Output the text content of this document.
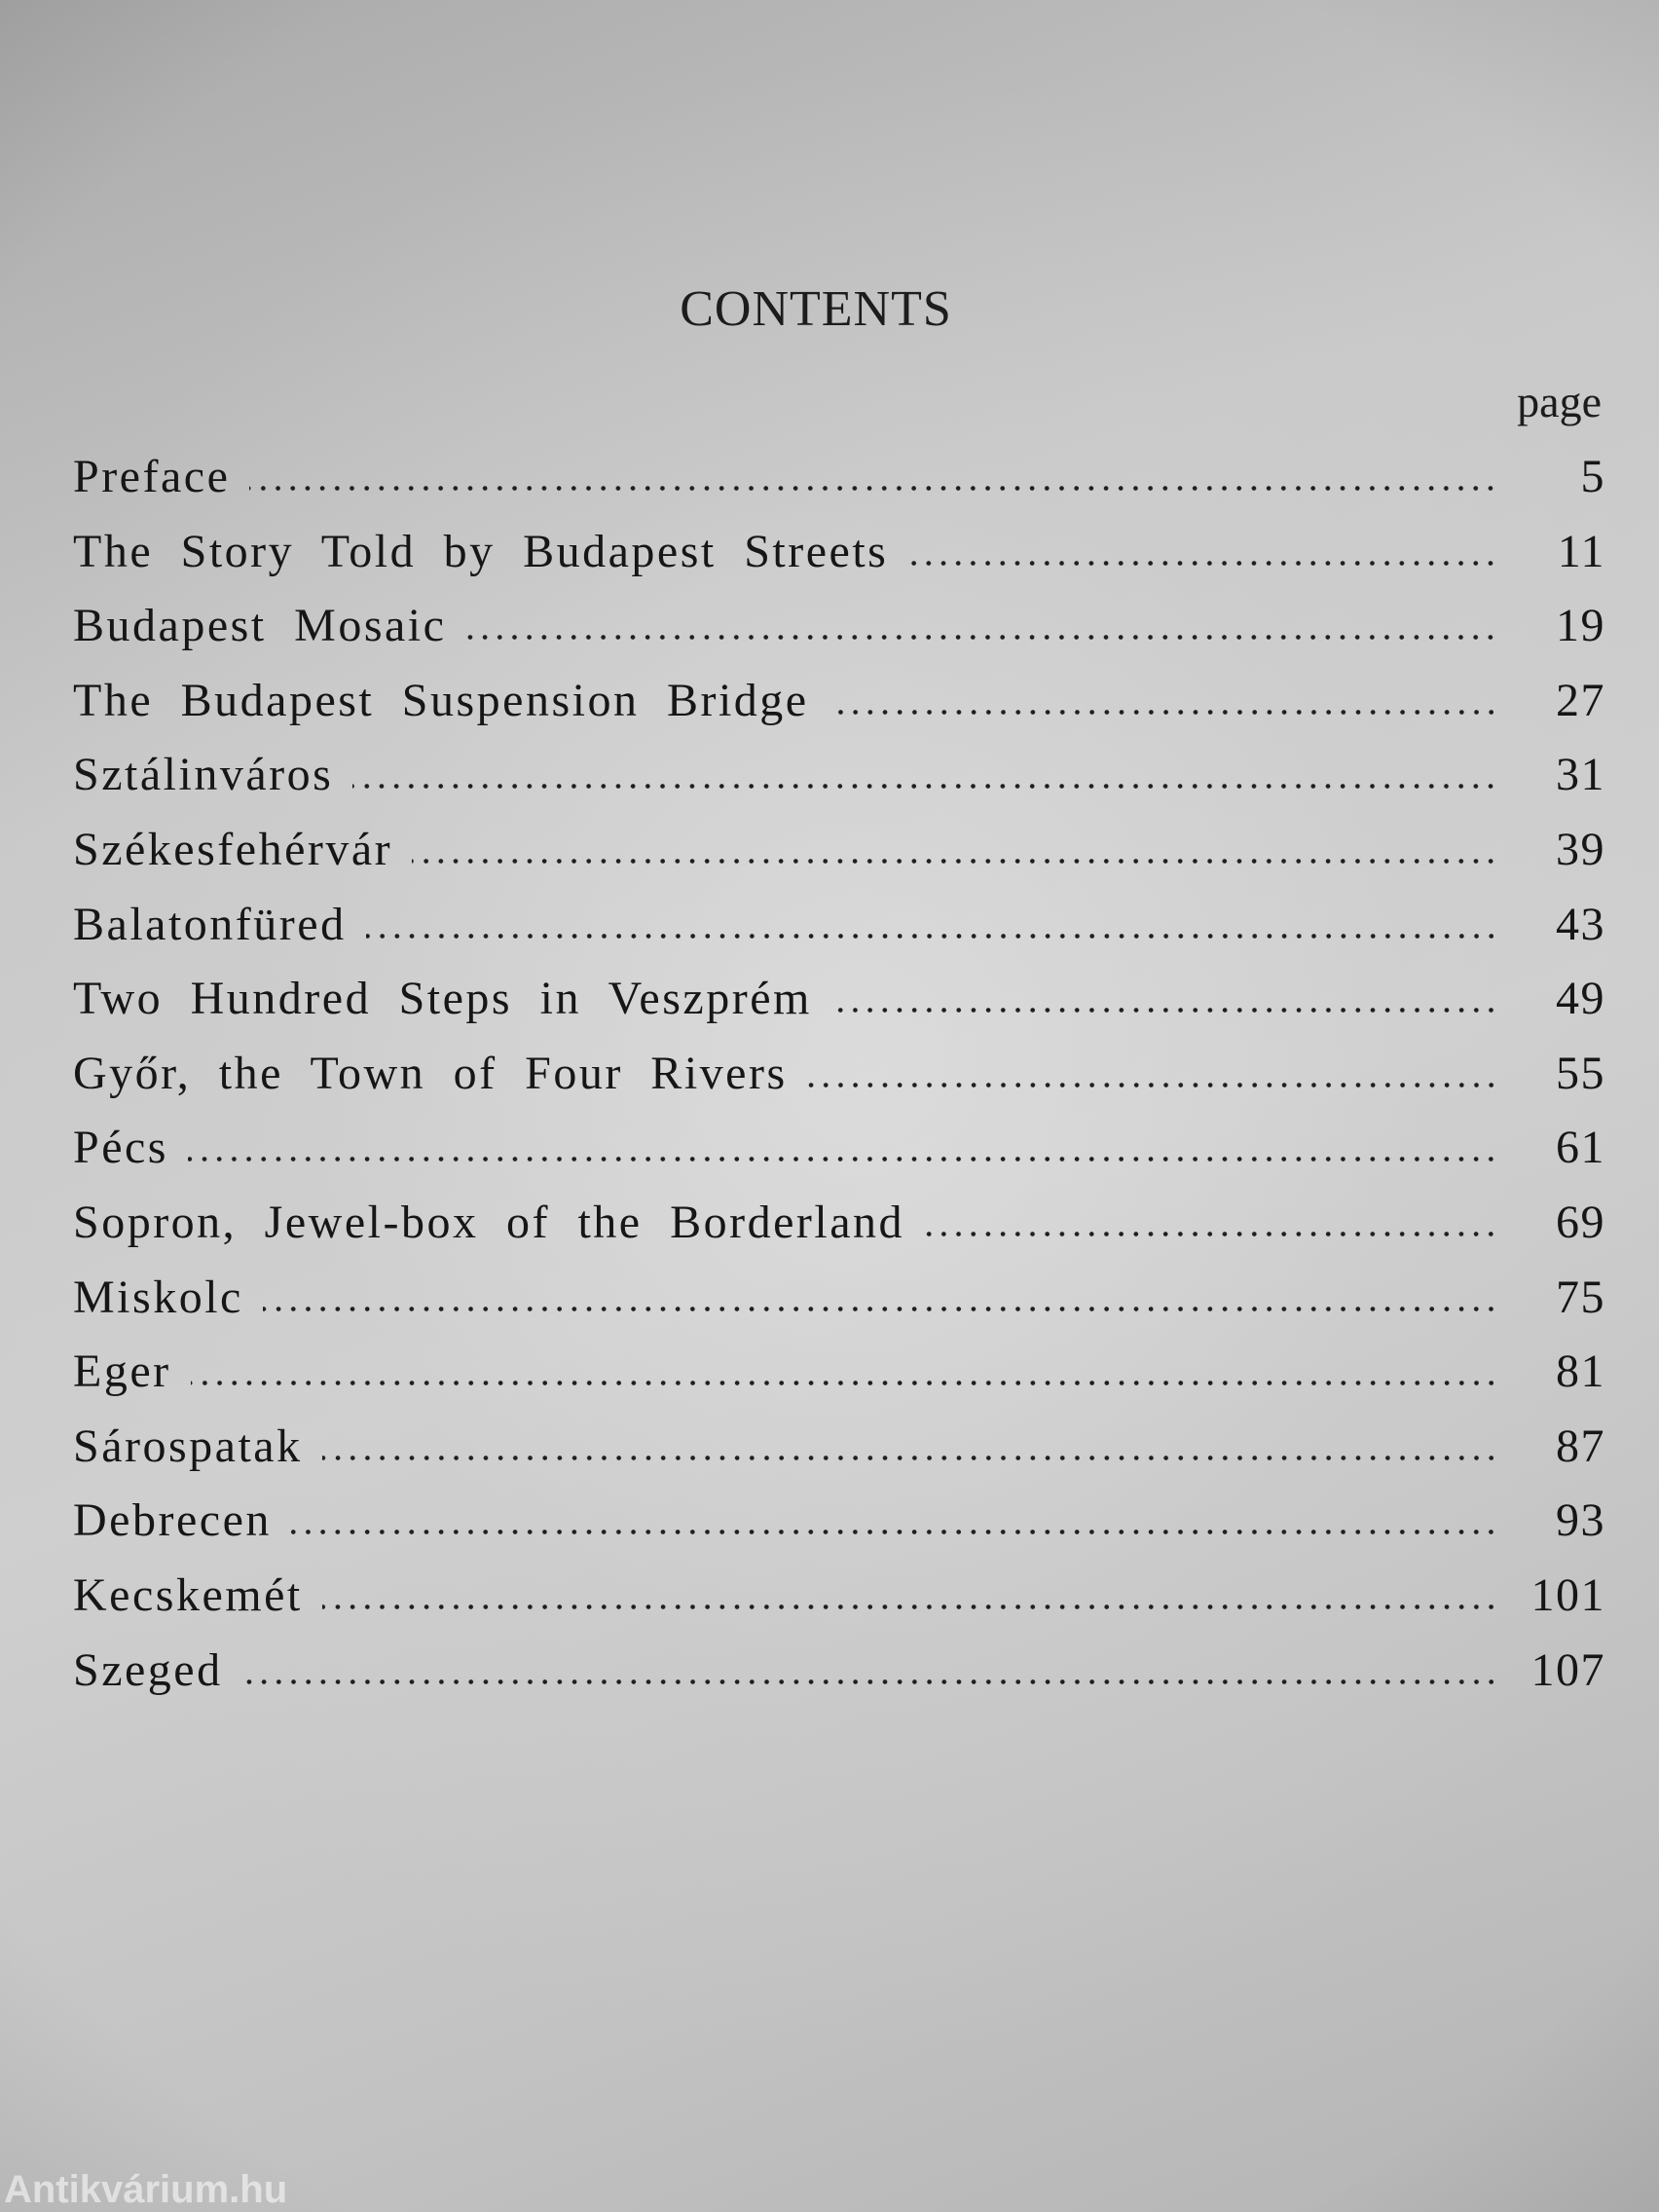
CONTENTS
page
Preface	5
The Story Told by Budapest Streets	11
Budapest Mosaic	19
The Budapest Suspension Bridge	27
Sztálinváros	31
Székesfehérvár	39
Balatonfüred	43
Two Hundred Steps in Veszprém	49
Győr, the Town of Four Rivers	55
Pécs	61
Sopron, Jewel-box of the Borderland	69
Miskolc	75
Eger	81
Sárospatak	87
Debrecen	93
Kecskemét	101
Szeged	107
Antikvárium.hu
